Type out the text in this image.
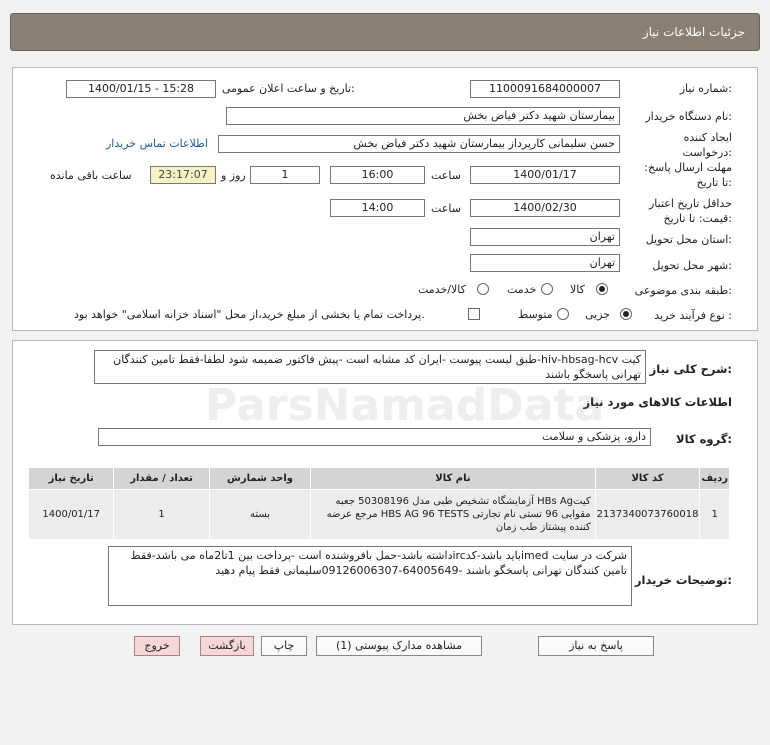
جزئیات اطلاعات نیاز
شماره نیاز:
1100091684000007
تاریخ و ساعت اعلان عمومی:
1400/01/15 - 15:28
نام دستگاه خریدار:
بیمارستان شهید دکتر فیاض بخش
ایجاد کننده درخواست:
حسن سلیمانی کارپرداز بیمارستان شهید دکتر فیاض بخش
اطلاعات تماس خریدار
مهلت ارسال پاسخ: تا تاریخ:
1400/01/17
ساعت
16:00
1
روز و
23:17:07
ساعت باقی مانده
حداقل تاریخ اعتبار قیمت: تا تاریخ:
1400/02/30
ساعت
14:00
استان محل تحویل:
تهران
شهر محل تحویل:
تهران
طبقه بندی موضوعی:
کالا
خدمت
کالا/خدمت
نوع فرآیند خرید :
جزیی
متوسط
پرداخت تمام یا بخشی از مبلغ خرید،از محل "اسناد خزانه اسلامی" خواهد بود.
شرح کلی نیاز:
کیت hiv-hbsag-hcv-طبق لیست پیوست -ایران کد مشابه است -پیش فاکتور ضمیمه شود لطفا-فقط تامین کنندگان تهرانی پاسخگو باشند
اطلاعات کالاهای مورد نیاز
گروه کالا:
دارو، پزشکی و سلامت
ردیف	کد کالا	نام کالا	واحد شمارش	تعداد / مقدار	تاریخ نیاز
1	2137340073760018	کیتHBs Ag آزمایشگاه تشخیص طبی مدل 50308196 جعبه مقوایی 96 تستی نام تجارتی HBS AG 96 TESTS مرجع عرضه کننده پیشتاز طب زمان	بسته	1	1400/01/17
توضیحات خریدار:
شرکت در سایت imedباید باشد-کدircداشته باشد-حمل بافروشنده است -پرداخت بین 1تا2ماه می باشد-فقط تامین کنندگان تهرانی پاسخگو باشند -64005649-09126006307سلیمانی فقط پیام دهید
پاسخ به نیاز
مشاهده مدارک پیوستی (1)
چاپ
بازگشت
خروج
